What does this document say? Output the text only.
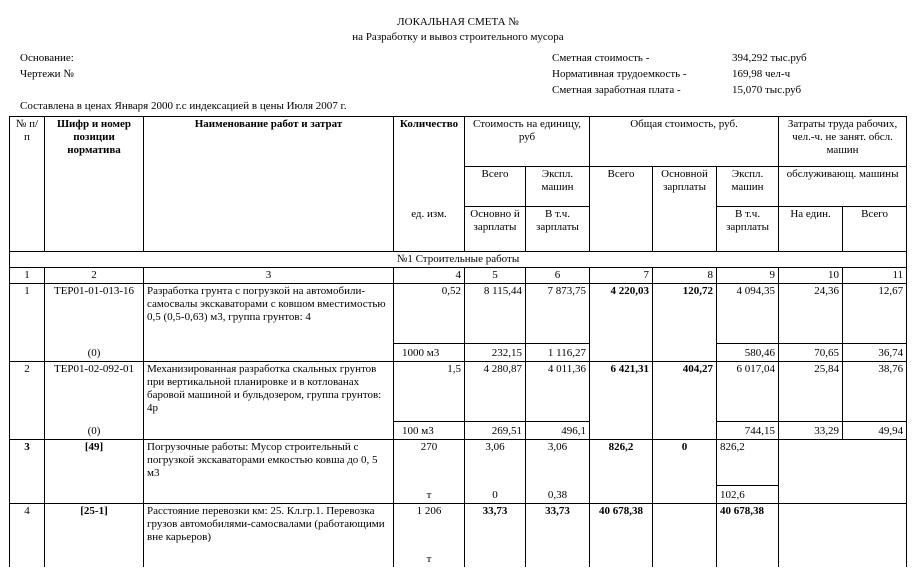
ЛОКАЛЬНАЯ СМЕТА №
на Разработку и вывоз строительного мусора
Основание:
Чертежи №
Сметная стоимость -	394,292 тыс.руб
Нормативная трудоемкость -	169,98 чел-ч
Сметная заработная плата -	15,070 тыс.руб
Составлена в ценах Января 2000 г.с индексацией в цены Июля 2007 г.
№ п/п	Шифр и номер позиции норматива	Наименование работ и затрат	Количество	Стоимость на единицу, руб		Общая стоимость, руб.			Затраты труда рабочих, чел.-ч. не занят. обсл. машин	
				Всего	Экспл. машин	Всего	Основной зарплаты	Экспл. машин	обслуживающ. машины	
			ед. изм.	Основно й зарплаты	В т.ч. зарплаты			В т.ч. зарплаты	На един.	Всего
№1 Строительные работы										
1	2	3	4	5	6	7	8	9	10	11
1	ТЕР01-01-013-16	Разработка грунта с погрузкой на автомобили-самосвалы экскаваторами с ковшом вместимостью 0,5 (0,5-0,63) м3, группа грунтов: 4	0,52	8 115,44	7 873,75	4 220,03	120,72	4 094,35	24,36	12,67
	(0)		1000 м3	232,15	1 116,27			580,46	70,65	36,74
2	ТЕР01-02-092-01	Механизированная разработка скальных грунтов при вертикальной планировке и в котлованах баровой машиной и бульдозером, группа грунтов: 4р	1,5	4 280,87	4 011,36	6 421,31	404,27	6 017,04	25,84	38,76
	(0)		100 м3	269,51	496,1			744,15	33,29	49,94
3	[49]	Погрузочные работы: Мусор строительный с погрузкой экскаваторами емкостью ковша до 0, 5 м3	270	3,06	3,06	826,2	0	826,2		
			т	0	0,38			102,6		
4	[25-1]	Расстояние перевозки км: 25. Кл.гр.1. Перевозка грузов автомобилями-самосвалами (работающими вне карьеров)	1 206	33,73	33,73	40 678,38		40 678,38		
			т							
